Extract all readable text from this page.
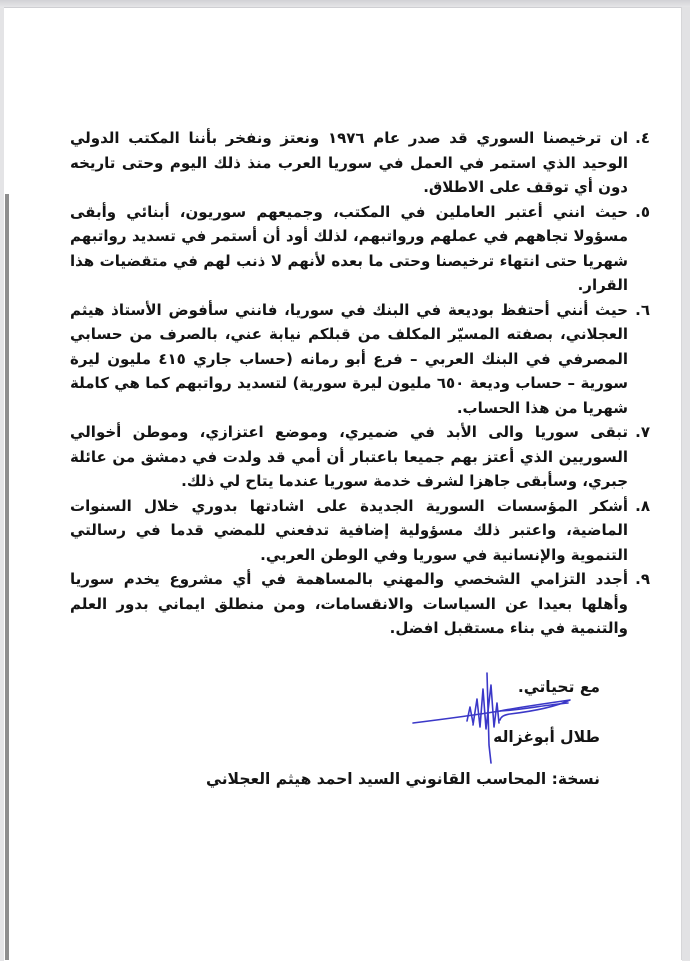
٤.
ان ترخيصنا السوري قد صدر عام ١٩٧٦ ونعتز ونفخر بأننا المكتب الدولي الوحيد الذي استمر في العمل في سوريا العرب منذ ذلك اليوم وحتى تاريخه دون أي توقف على الاطلاق.
٥.
حيث انني أعتبر العاملين في المكتب، وجميعهم سوريون، أبنائي وأبقى مسؤولا تجاههم في عملهم ورواتبهم، لذلك أود أن أستمر في تسديد رواتبهم شهريا حتى انتهاء ترخيصنا وحتى ما بعده لأنهم لا ذنب لهم في متقضيات هذا القرار.
٦.
حيث أنني أحتفظ بوديعة في البنك في سوريا، فانني سأفوض الأستاذ هيثم العجلاني، بصفته المسيّر المكلف من قبلكم نيابة عني، بالصرف من حسابي المصرفي في البنك العربي – فرع أبو رمانه (حساب جاري ٤١٥ مليون ليرة سورية – حساب وديعة ٦٥٠ مليون ليرة سورية) لتسديد رواتبهم كما هي كاملة شهريا من هذا الحساب.
٧.
تبقى سوريا والى الأبد في ضميري، وموضع اعتزازي، وموطن أخوالي السوريين الذي أعتز بهم جميعا باعتبار أن أمي قد ولدت في دمشق من عائلة جبري، وسأبقى جاهزا لشرف خدمة سوريا عندما يتاح لي ذلك.
٨.
أشكر المؤسسات السورية الجديدة على اشادتها بدوري خلال السنوات الماضية، واعتبر ذلك مسؤولية إضافية تدفعني للمضي قدما في رسالتي التنموية والإنسانية في سوريا وفي الوطن العربي.
٩.
أجدد التزامي الشخصي والمهني بالمساهمة في أي مشروع يخدم سوريا وأهلها بعيدا عن السياسات والانقسامات، ومن منطلق ايماني بدور العلم والتنمية في بناء مستقبل افضل.
مع تحياتي.
طلال أبوغزاله
نسخة: المحاسب القانوني السيد احمد هيثم العجلاني
